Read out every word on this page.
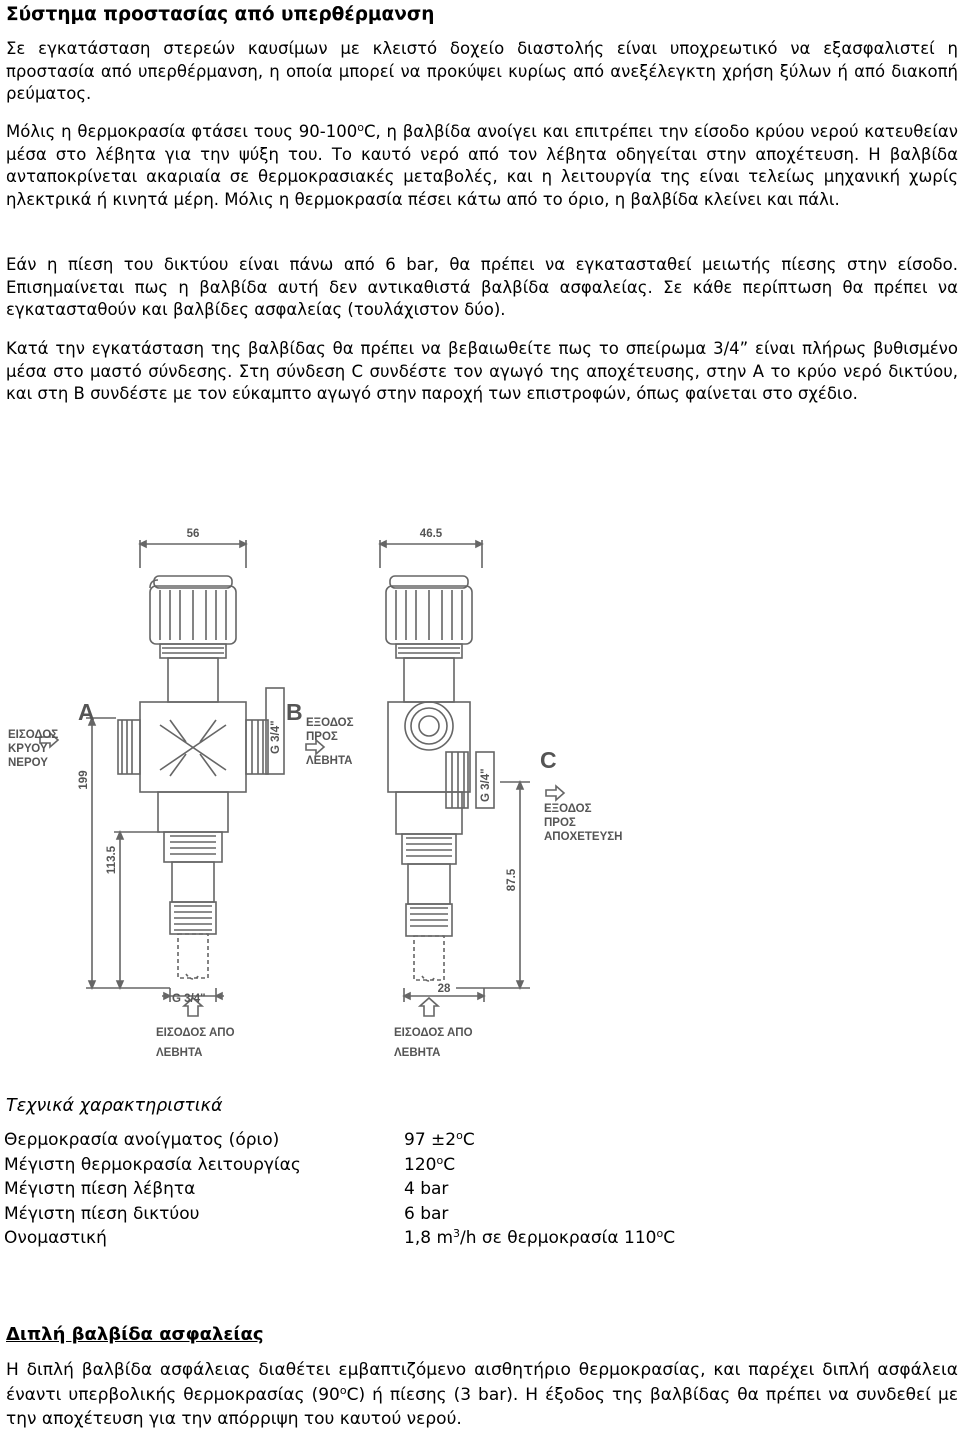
Σύστημα προστασίας από υπερθέρμανση

Σε εγκατάσταση στερεών καυσίμων με κλειστό δοχείο διαστολής είναι υποχρεωτικό να εξασφαλιστεί η προστασία από υπερθέρμανση, η οποία μπορεί να προκύψει κυρίως από ανεξέλεγκτη χρήση ξύλων ή από διακοπή ρεύματος.

Μόλις η θερμοκρασία φτάσει τους 90-100$^o$C, η βαλβίδα ανοίγει και επιτρέπει την είσοδο κρύου νερού κατευθείαν μέσα στο λέβητα για την ψύξη του. Το καυτό νερό από τον λέβητα οδηγείται στην αποχέτευση. Η βαλβίδα ανταποκρίνεται ακαριαία σε θερμοκρασιακές μεταβολές, και η λειτουργία της είναι τελείως μηχανική χωρίς ηλεκτρικά ή κινητά μέρη. Μόλις η θερμοκρασία πέσει κάτω από το όριο, η βαλβίδα κλείνει και πάλι.

Εάν η πίεση του δικτύου είναι πάνω από 6 bar, θα πρέπει να εγκατασταθεί μειωτής πίεσης στην είσοδο. Επισημαίνεται πως η βαλβίδα αυτή δεν αντικαθιστά βαλβίδα ασφαλείας. Σε κάθε περίπτωση θα πρέπει να εγκατασταθούν και βαλβίδες ασφαλείας (τουλάχιστον δύο).

Κατά την εγκατάσταση της βαλβίδας θα πρέπει να βεβαιωθείτε πως το σπείρωμα 3/4” είναι πλήρως βυθισμένο μέσα στο μαστό σύνδεσης. Στη σύνδεση C συνδέστε τον αγωγό της αποχέτευσης, στην A το κρύο νερό δικτύου, και στη B συνδέστε με τον εύκαμπτο αγωγό στην παροχή των επιστροφών, όπως φαίνεται στο σχέδιο.

56	46.5
199
113.5
87.5
28
G 3/4"
G 3/4"
G 3/4"
A	B
C
ΕΙΣΟΔΟΣ
ΚΡΥΟΥ
ΝΕΡΟΥ
ΕΞΟΔΟΣ
ΠΡΟΣ
ΛΕΒΗΤΑ
ΕΞΟΔΟΣ
ΠΡΟΣ
ΑΠΟΧΕΤΕΥΣΗ
ΕΙΣΟΔΟΣ ΑΠΟ
ΛΕΒΗΤΑ
ΕΙΣΟΔΟΣ ΑΠΟ
ΛΕΒΗΤΑ
Τεχνικά χαρακτηριστικά
Θερμοκρασία ανοίγματος (όριο)	$97 \pm 2^oC$
Μέγιστη θερμοκρασία λειτουργίας	120$^o$C
Μέγιστη πίεση λέβητα	4 bar
Μέγιστη πίεση δικτύου	6 bar
Ονομαστική	1,8 $m^3/h$ σε θερμοκρασία 110$^o$C
Διπλή βαλβίδα ασφαλείας

Η διπλή βαλβίδα ασφάλειας διαθέτει εμβαπτιζόμενο αισθητήριο θερμοκρασίας, και παρέχει διπλή ασφάλεια έναντι υπερβολικής θερμοκρασίας (90$^o$C) ή πίεσης (3 bar). Η έξοδος της βαλβίδας θα πρέπει να συνδεθεί με την αποχέτευση για την απόρριψη του καυτού νερού.
